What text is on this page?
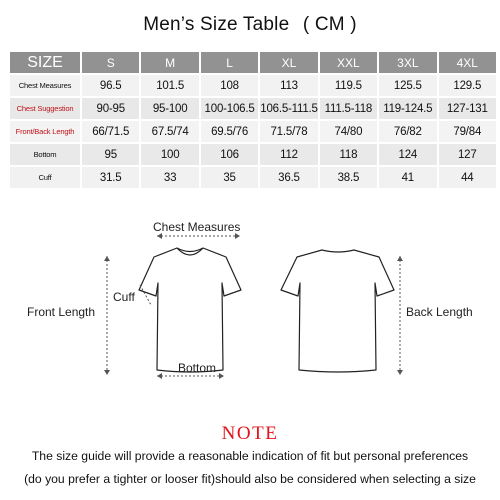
Men’s Size Table ( CM )
SIZE	S	M	L	XL	XXL	3XL	4XL
Chest Measures	96.5	101.5	108	113	119.5	125.5	129.5
Chest Suggestion	90-95	95-100	100-106.5	106.5-111.5	111.5-118	119-124.5	127-131
Front/Back Length	66/71.5	67.5/74	69.5/76	71.5/78	74/80	76/82	79/84
Bottom	95	100	106	112	118	124	127
Cuff	31.5	33	35	36.5	38.5	41	44
Chest Measures
Cuff
Front Length	Back Length
Bottom
NOTE
The size guide will provide a reasonable indication of fit but personal preferences
(do you prefer a tighter or looser fit)should also be considered when selecting a size
